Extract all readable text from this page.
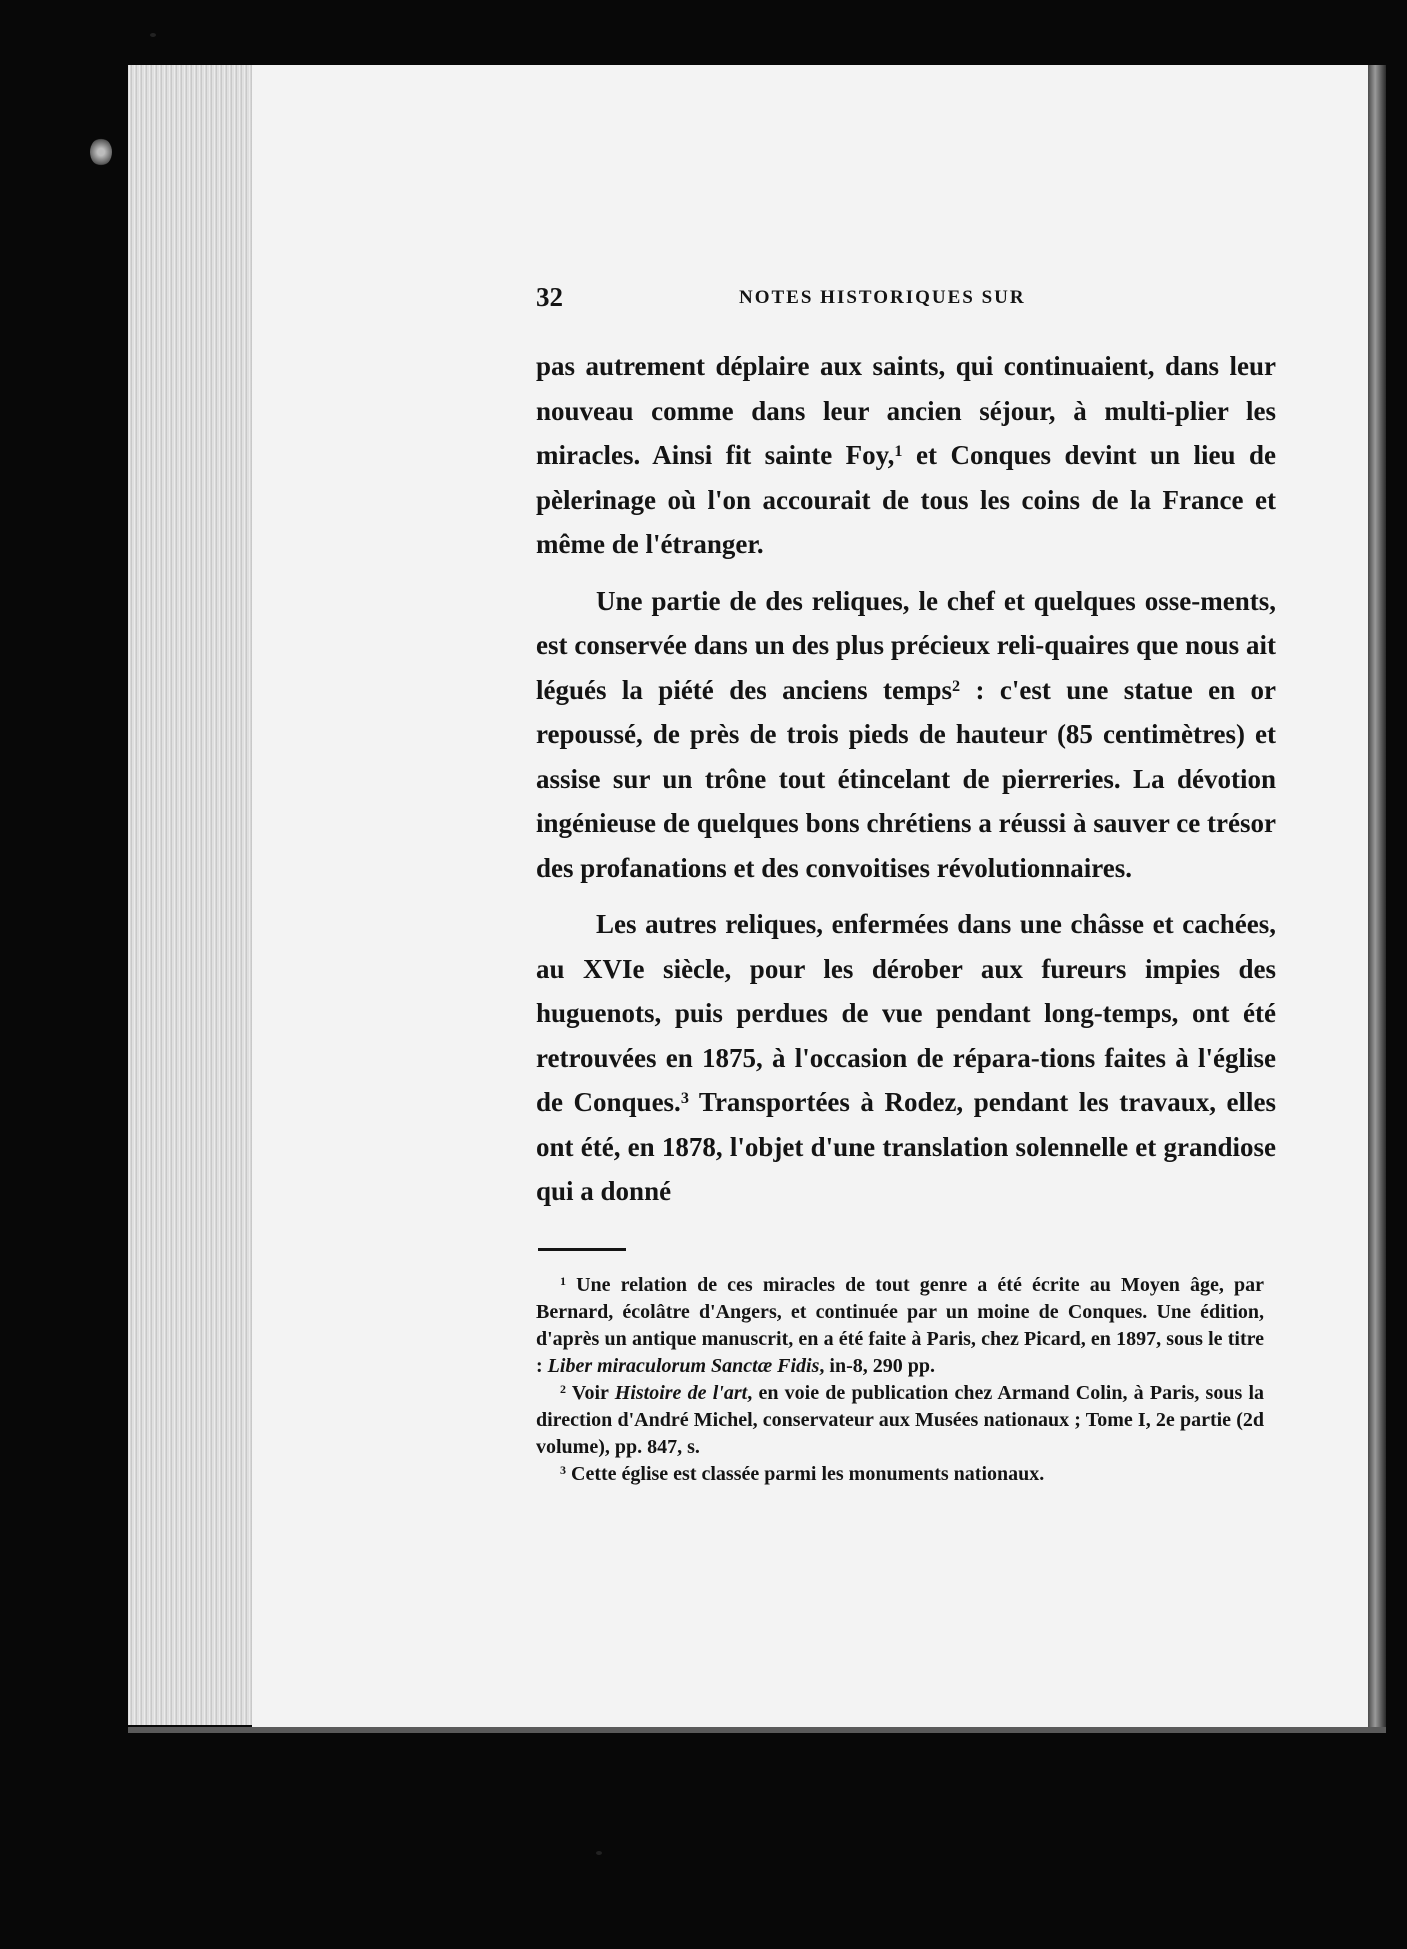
32	NOTES HISTORIQUES SUR

pas autrement déplaire aux saints, qui continuaient, dans leur nouveau comme dans leur ancien séjour, à multi-plier les miracles. Ainsi fit sainte Foy,$^1$ et Conques devint un lieu de pèlerinage où l'on accourait de tous les coins de la France et même de l'étranger.

Une partie de des reliques, le chef et quelques osse-ments, est conservée dans un des plus précieux reli-quaires que nous ait légués la piété des anciens temps$^2$ : c'est une statue en or repoussé, de près de trois pieds de hauteur (85 centimètres) et assise sur un trône tout étincelant de pierreries. La dévotion ingénieuse de quelques bons chrétiens a réussi à sauver ce trésor des profanations et des convoitises révolutionnaires.

Les autres reliques, enfermées dans une châsse et cachées, au XVIe siècle, pour les dérober aux fureurs impies des huguenots, puis perdues de vue pendant long-temps, ont été retrouvées en 1875, à l'occasion de répara-tions faites à l'église de Conques.$^3$ Transportées à Rodez, pendant les travaux, elles ont été, en 1878, l'objet d'une translation solennelle et grandiose qui a donné

$^1$ Une relation de ces miracles de tout genre a été écrite au Moyen âge, par Bernard, écolâtre d'Angers, et continuée par un moine de Conques. Une édition, d'après un antique manuscrit, en a été faite à Paris, chez Picard, en 1897, sous le titre : Liber miraculorum Sanctæ Fidis, in-8, 290 pp.

$^2$ Voir Histoire de l'art, en voie de publication chez Armand Colin, à Paris, sous la direction d'André Michel, conservateur aux Musées nationaux ; Tome I, 2e partie (2d volume), pp. 847, s.

$^3$ Cette église est classée parmi les monuments nationaux.
